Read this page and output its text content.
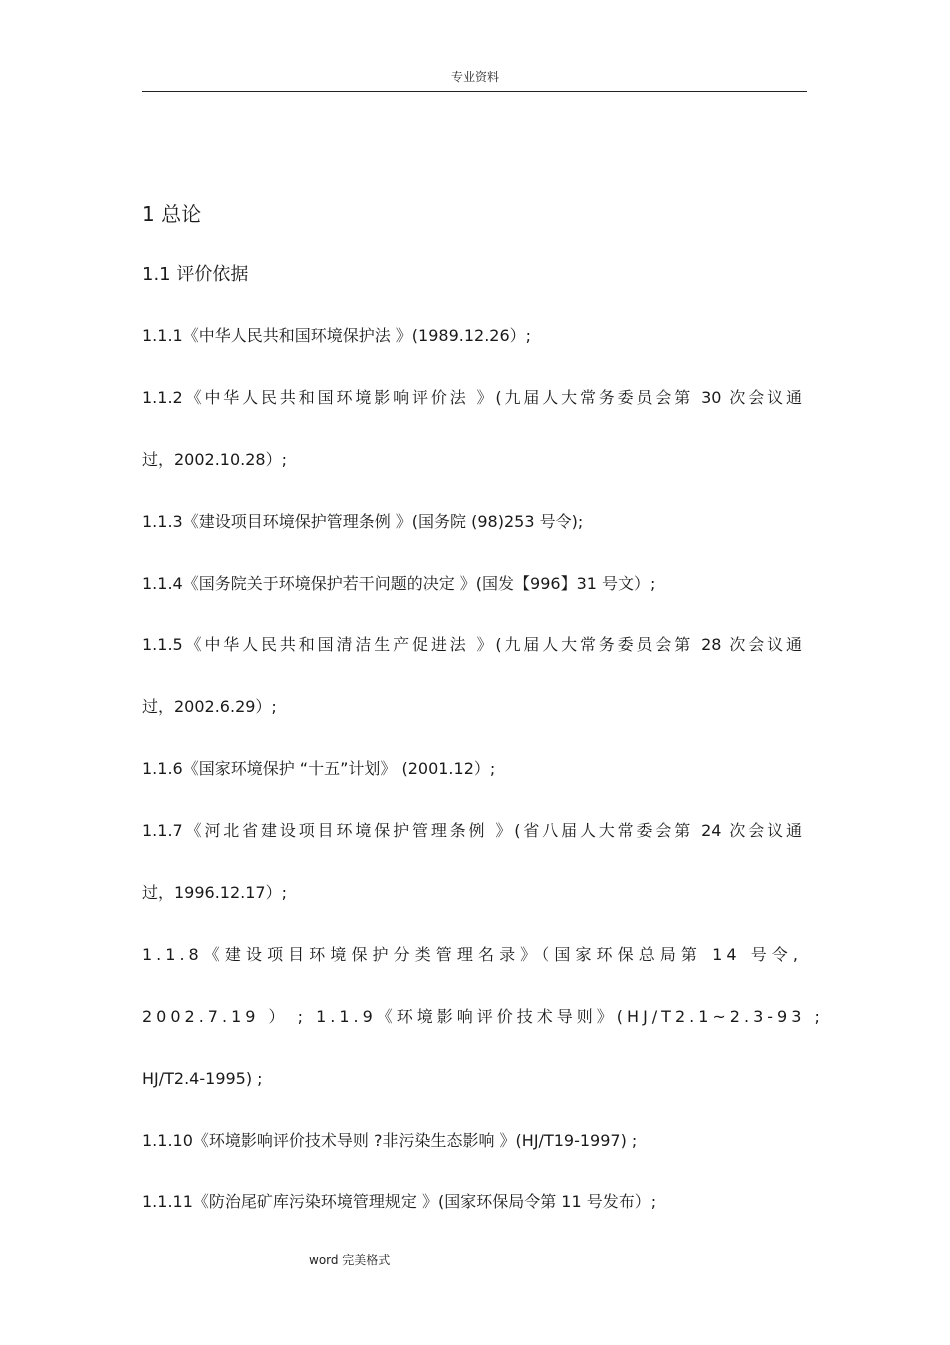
专业资料
1 总论
1.1 评价依据
1.1.1《中华人民共和国环境保护法 》(1989.12.26）;
1.1.2《中华人民共和国环境影响评价法 》(九届人大常务委员会第 30 次会议通
过，2002.10.28）;
1.1.3《建设项目环境保护管理条例 》(国务院 (98)253 号令);
1.1.4《国务院关于环境保护若干问题的决定 》(国发【996】31 号文）;
1.1.5《中华人民共和国清洁生产促进法 》(九届人大常务委员会第 28 次会议通
过，2002.6.29）;
1.1.6《国家环境保护 “十五”计划》 (2001.12）;
1.1.7《河北省建设项目环境保护管理条例 》(省八届人大常委会第 24 次会议通
过，1996.12.17）;
1.1.8《建设项目环境保护分类管理名录》（国家环保总局第 14 号令,
2002.7.19 ） ; 1.1.9《环境影响评价技术导则》(HJ/T2.1~2.3-93 ;
HJ/T2.4-1995) ;
1.1.10《环境影响评价技术导则 ?非污染生态影响 》(HJ/T19-1997) ;
1.1.11《防治尾矿库污染环境管理规定 》(国家环保局令第 11 号发布）;
word 完美格式
